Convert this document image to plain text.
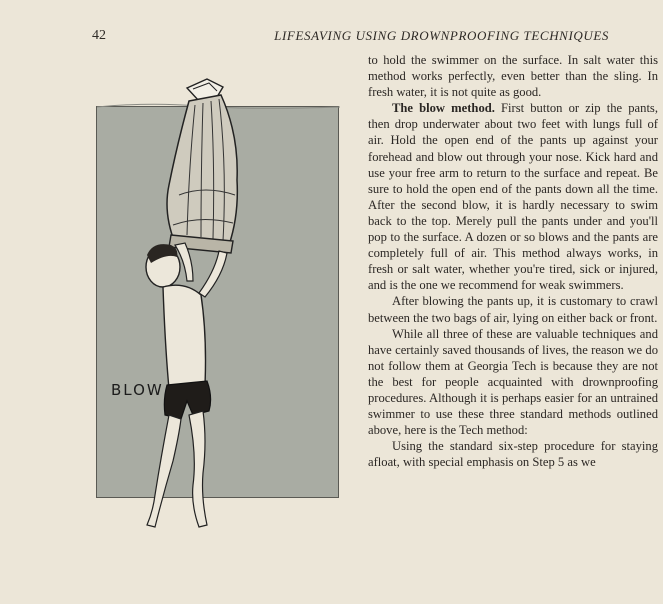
42	LIFESAVING USING DROWNPROOFING TECHNIQUES
BLOW

to hold the swimmer on the surface. In salt water this method works perfectly, even better than the sling. In fresh water, it is not quite as good.

The blow method. First button or zip the pants, then drop underwater about two feet with lungs full of air. Hold the open end of the pants up against your forehead and blow out through your nose. Kick hard and use your free arm to return to the surface and repeat. Be sure to hold the open end of the pants down all the time. After the second blow, it is hardly necessary to swim back to the top. Merely pull the pants under and you'll pop to the surface. A dozen or so blows and the pants are completely full of air. This method always works, in fresh or salt water, whether you're tired, sick or injured, and is the one we recommend for weak swimmers.

After blowing the pants up, it is customary to crawl between the two bags of air, lying on either back or front.

While all three of these are valuable techniques and have certainly saved thousands of lives, the reason we do not follow them at Georgia Tech is because they are not the best for people acquainted with drownproofing procedures. Although it is perhaps easier for an untrained swimmer to use these three standard methods outlined above, here is the Tech method:

Using the standard six-step procedure for staying afloat, with special emphasis on Step 5 as we
